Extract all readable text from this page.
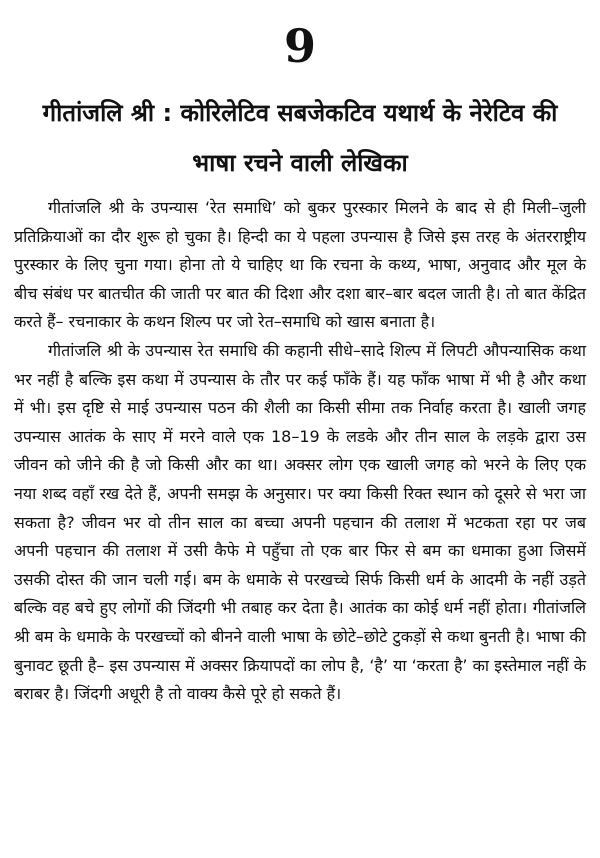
9
गीतांजलि श्री : कोरिलेटिव सबजेकटिव यथार्थ के नेरेटिव की भाषा रचने वाली लेखिका

गीतांजलि श्री के उपन्यास ‘रेत समाधि’ को बुकर पुरस्कार मिलने के बाद से ही मिली–जुली प्रतिक्रियाओं का दौर शुरू हो चुका है। हिन्दी का ये पहला उपन्यास है जिसे इस तरह के अंतरराष्ट्रीय पुरस्कार के लिए चुना गया। होना तो ये चाहिए था कि रचना के कथ्य, भाषा, अनुवाद और मूल के बीच संबंध पर बातचीत की जाती पर बात की दिशा और दशा बार–बार बदल जाती है। तो बात केंद्रित करते हैं– रचनाकार के कथन शिल्प पर जो रेत–समाधि को खास बनाता है।

गीतांजलि श्री के उपन्यास रेत समाधि की कहानी सीधे–सादे शिल्प में लिपटी औपन्यासिक कथा भर नहीं है बल्कि इस कथा में उपन्यास के तौर पर कई फाँके हैं। यह फाँक भाषा में भी है और कथा में भी। इस दृष्टि से माई उपन्यास पठन की शैली का किसी सीमा तक निर्वाह करता है। खाली जगह उपन्यास आतंक के साए में मरने वाले एक 18–19 के लडके और तीन साल के लड़के द्वारा उस जीवन को जीने की है जो किसी और का था। अक्सर लोग एक खाली जगह को भरने के लिए एक नया शब्द वहाँ रख देते हैं, अपनी समझ के अनुसार। पर क्या किसी रिक्त स्थान को दूसरे से भरा जा सकता है? जीवन भर वो तीन साल का बच्चा अपनी पहचान की तलाश में भटकता रहा पर जब अपनी पहचान की तलाश में उसी कैफे मे पहुँचा तो एक बार फिर से बम का धमाका हुआ जिसमें उसकी दोस्त की जान चली गई। बम के धमाके से परखच्चे सिर्फ किसी धर्म के आदमी के नहीं उड़ते बल्कि वह बचे हुए लोगों की जिंदगी भी तबाह कर देता है। आतंक का कोई धर्म नहीं होता। गीतांजलि श्री बम के धमाके के परखच्चों को बीनने वाली भाषा के छोटे–छोटे टुकड़ों से कथा बुनती है। भाषा की बुनावट छूती है– इस उपन्यास में अक्सर क्रियापदों का लोप है, ‘है’ या ‘करता है’ का इस्तेमाल नहीं के बराबर है। जिंदगी अधूरी है तो वाक्य कैसे पूरे हो सकते हैं।
